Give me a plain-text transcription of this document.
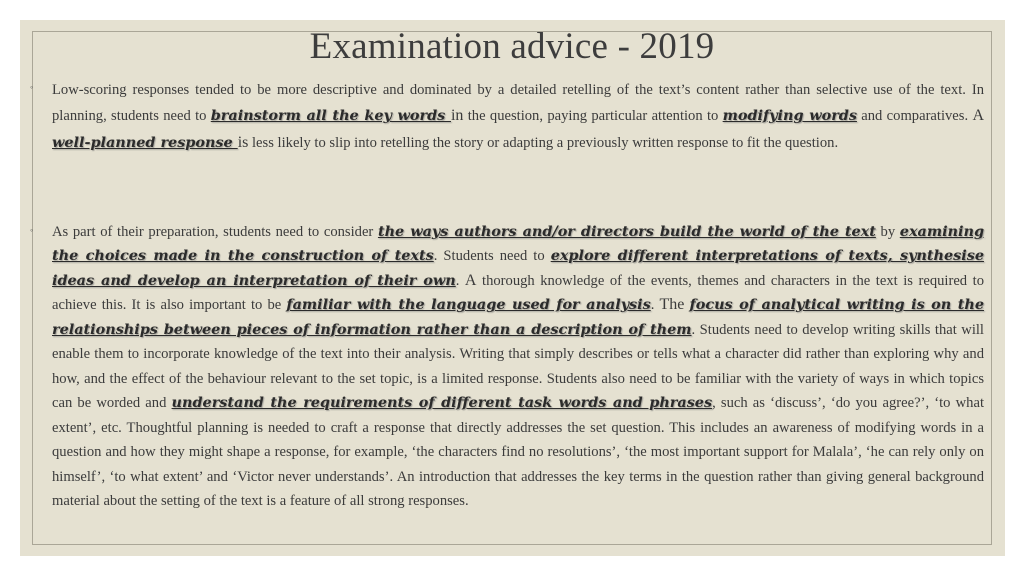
Examination advice - 2019
◦ Low-scoring responses tended to be more descriptive and dominated by a detailed retelling of the text’s content rather than selective use of the text. In planning, students need to brainstorm all the key words in the question, paying particular attention to modifying words and comparatives. A well-planned response is less likely to slip into retelling the story or adapting a previously written response to fit the question.

◦ As part of their preparation, students need to consider the ways authors and/or directors build the world of the text by examining the choices made in the construction of texts. Students need to explore different interpretations of texts, synthesise ideas and develop an interpretation of their own. A thorough knowledge of the events, themes and characters in the text is required to achieve this. It is also important to be familiar with the language used for analysis. The focus of analytical writing is on the relationships between pieces of information rather than a description of them. Students need to develop writing skills that will enable them to incorporate knowledge of the text into their analysis. Writing that simply describes or tells what a character did rather than exploring why and how, and the effect of the behaviour relevant to the set topic, is a limited response. Students also need to be familiar with the variety of ways in which topics can be worded and understand the requirements of different task words and phrases, such as ‘discuss’, ‘do you agree?’, ‘to what extent’, etc. Thoughtful planning is needed to craft a response that directly addresses the set question. This includes an awareness of modifying words in a question and how they might shape a response, for example, ‘the characters find no resolutions’, ‘the most important support for Malala’, ‘he can rely only on himself’, ‘to what extent’ and ‘Victor never understands’. An introduction that addresses the key terms in the question rather than giving general background material about the setting of the text is a feature of all strong responses.
